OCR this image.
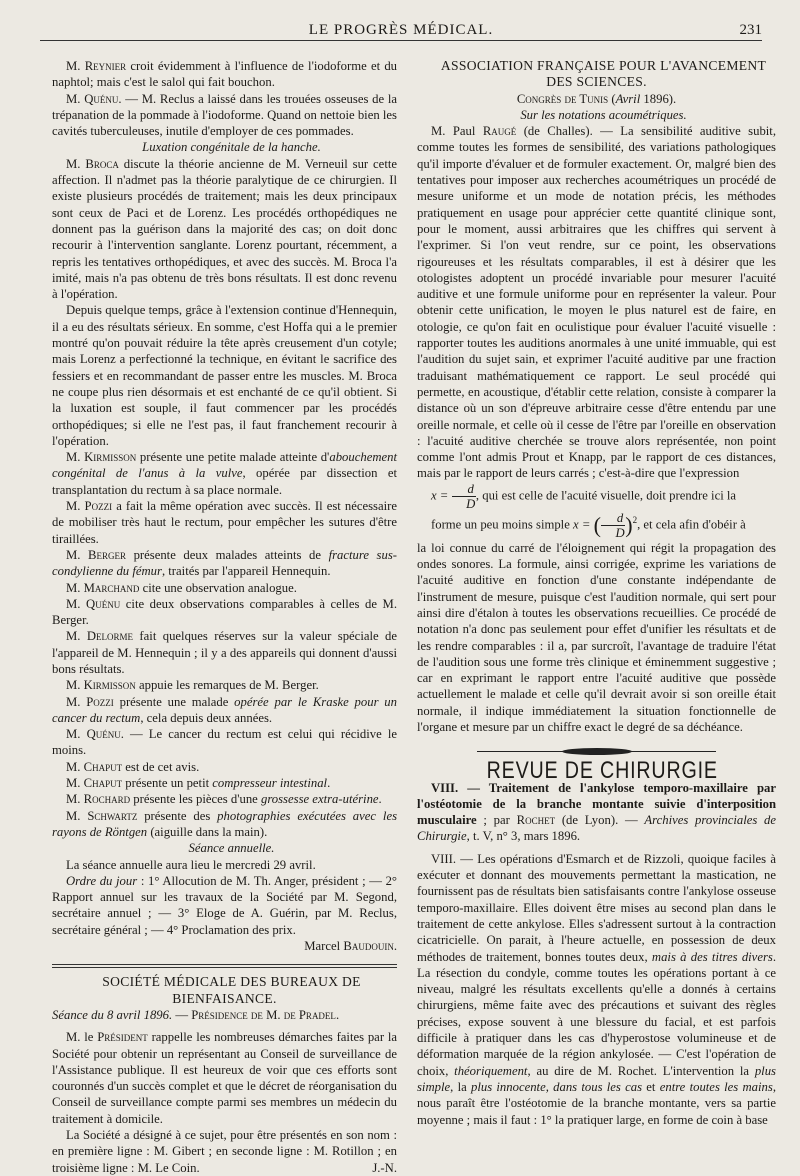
LE PROGRÈS MÉDICAL.	231

M. Reynier croit évidemment à l'influence de l'iodoforme et du naphtol; mais c'est le salol qui fait bouchon.

M. Quénu. — M. Reclus a laissé dans les trouées osseuses de la trépanation de la pommade à l'iodoforme. Quand on nettoie bien les cavités tuberculeuses, inutile d'employer de ces pommades.

Luxation congénitale de la hanche.

M. Broca discute la théorie ancienne de M. Verneuil sur cette affection. Il n'admet pas la théorie paralytique de ce chirurgien. Il existe plusieurs procédés de traitement; mais les deux principaux sont ceux de Paci et de Lorenz. Les procédés orthopédiques ne donnent pas la guérison dans la majorité des cas; on doit donc recourir à l'intervention sanglante. Lorenz pourtant, récemment, a repris les tentatives orthopédiques, et avec des succès. M. Broca l'a imité, mais n'a pas obtenu de très bons résultats. Il est donc revenu à l'opération.

Depuis quelque temps, grâce à l'extension continue d'Hennequin, il a eu des résultats sérieux. En somme, c'est Hoffa qui a le premier montré qu'on pouvait réduire la tête après creusement d'un cotyle; mais Lorenz a perfectionné la technique, en évitant le sacrifice des fessiers et en recommandant de passer entre les muscles. M. Broca ne coupe plus rien désormais et est enchanté de ce qu'il obtient. Si la luxation est souple, il faut commencer par les procédés orthopédiques; si elle ne l'est pas, il faut franchement recourir à l'opération.

M. Kirmisson présente une petite malade atteinte d'abouchement congénital de l'anus à la vulve, opérée par dissection et transplantation du rectum à sa place normale.

M. Pozzi a fait la même opération avec succès. Il est nécessaire de mobiliser très haut le rectum, pour empêcher les sutures d'être tiraillées.

M. Berger présente deux malades atteints de fracture sus-condylienne du fémur, traités par l'appareil Hennequin.

M. Marchand cite une observation analogue.

M. Quénu cite deux observations comparables à celles de M. Berger.

M. Delorme fait quelques réserves sur la valeur spéciale de l'appareil de M. Hennequin ; il y a des appareils qui donnent d'aussi bons résultats.

M. Kirmisson appuie les remarques de M. Berger.

M. Pozzi présente une malade opérée par le Kraske pour un cancer du rectum, cela depuis deux années.

M. Quénu. — Le cancer du rectum est celui qui récidive le moins.

M. Chaput est de cet avis.

M. Chaput présente un petit compresseur intestinal.

M. Rochard présente les pièces d'une grossesse extra-utérine.

M. Schwartz présente des photographies exécutées avec les rayons de Röntgen (aiguille dans la main).

Séance annuelle.

La séance annuelle aura lieu le mercredi 29 avril.

Ordre du jour : 1° Allocution de M. Th. Anger, président ; — 2° Rapport annuel sur les travaux de la Société par M. Segond, secrétaire annuel ; — 3° Eloge de A. Guérin, par M. Reclus, secrétaire général ; — 4° Proclamation des prix.

Marcel Baudouin.

SOCIÉTÉ MÉDICALE DES BUREAUX DE BIENFAISANCE.

Séance du 8 avril 1896. — Présidence de M. de Pradel.

M. le Président rappelle les nombreuses démarches faites par la Société pour obtenir un représentant au Conseil de surveillance de l'Assistance publique. Il est heureux de voir que ces efforts sont couronnés d'un succès complet et que le décret de réorganisation du Conseil de surveillance compte parmi ses membres un médecin du traitement à domicile.

La Société a désigné à ce sujet, pour être présentés en son nom : en première ligne : M. Gibert ; en seconde ligne : M. Rotillon ; en troisième ligne : M. Le Coin.	J.-N.

ASSOCIATION FRANÇAISE POUR L'AVANCEMENT DES SCIENCES.

Congrès de Tunis (Avril 1896).

Sur les notations acoumétriques.

M. Paul Raugé (de Challes). — La sensibilité auditive subit, comme toutes les formes de sensibilité, des variations pathologiques qu'il importe d'évaluer et de formuler exactement. Or, malgré bien des tentatives pour imposer aux recherches acoumétriques un procédé de mesure uniforme et un mode de notation précis, les méthodes pratiquement en usage pour apprécier cette quantité clinique sont, pour le moment, aussi arbitraires que les chiffres qui servent à l'exprimer. Si l'on veut rendre, sur ce point, les observations rigoureuses et les résultats comparables, il est à désirer que les otologistes adoptent un procédé invariable pour mesurer l'acuité auditive et une formule uniforme pour en représenter la valeur. Pour obtenir cette unification, le moyen le plus naturel est de faire, en otologie, ce qu'on fait en oculistique pour évaluer l'acuité visuelle : rapporter toutes les auditions anormales à une unité immuable, qui est l'audition du sujet sain, et exprimer l'acuité auditive par une fraction traduisant mathématiquement ce rapport. Le seul procédé qui permette, en acoustique, d'établir cette relation, consiste à comparer la distance où un son d'épreuve arbitraire cesse d'être entendu par une oreille normale, et celle où il cesse de l'être par l'oreille en observation : l'acuité auditive cherchée se trouve alors représentée, non point comme l'ont admis Prout et Knapp, par le rapport de ces distances, mais par le rapport de leurs carrés ; c'est-à-dire que l'expression

$x = \frac{d}{D}$ , qui est celle de l'acuité visuelle, doit prendre ici la

forme un peu moins simple x = ( $\frac{d}{D} )^2$, et cela afin d'obéir à

la loi connue du carré de l'éloignement qui régit la propagation des ondes sonores. La formule, ainsi corrigée, exprime les variations de l'acuité auditive en fonction d'une constante indépendante de l'instrument de mesure, puisque c'est l'audition normale, qui sert pour ainsi dire d'étalon à toutes les observations recueillies. Ce procédé de notation n'a donc pas seulement pour effet d'unifier les résultats et de les rendre comparables : il a, par surcroît, l'avantage de traduire l'état de l'audition sous une forme très clinique et éminemment suggestive ; car en exprimant le rapport entre l'acuité auditive que possède actuellement le malade et celle qu'il devrait avoir si son oreille était normale, il indique immédiatement la situation fonctionnelle de l'organe et mesure par un chiffre exact le degré de sa déchéance.

REVUE DE CHIRURGIE

VIII. — Traitement de l'ankylose temporo-maxillaire par l'ostéotomie de la branche montante suivie d'interposition musculaire ; par Rochet (de Lyon). — Archives provinciales de Chirurgie, t. V, n° 3, mars 1896.

VIII. — Les opérations d'Esmarch et de Rizzoli, quoique faciles à exécuter et donnant des mouvements permettant la mastication, ne fournissent pas de résultats bien satisfaisants contre l'ankylose osseuse temporo-maxillaire. Elles doivent être mises au second plan dans le traitement de cette ankylose. Elles s'adressent surtout à la contraction cicatricielle. On parait, à l'heure actuelle, en possession de deux méthodes de traitement, bonnes toutes deux, mais à des titres divers. La résection du condyle, comme toutes les opérations portant à ce niveau, malgré les résultats excellents qu'elle a donnés à certains chirurgiens, même faite avec des précautions et suivant des règles précises, expose souvent à une blessure du facial, et est parfois difficile à pratiquer dans les cas d'hyperostose volumineuse et de déformation marquée de la région ankylosée. — C'est l'opération de choix, théoriquement, au dire de M. Rochet. L'intervention la plus simple, la plus innocente, dans tous les cas et entre toutes les mains, nous paraît être l'ostéotomie de la branche montante, vers sa partie moyenne ; mais il faut : 1° la pratiquer large, en forme de coin à base
